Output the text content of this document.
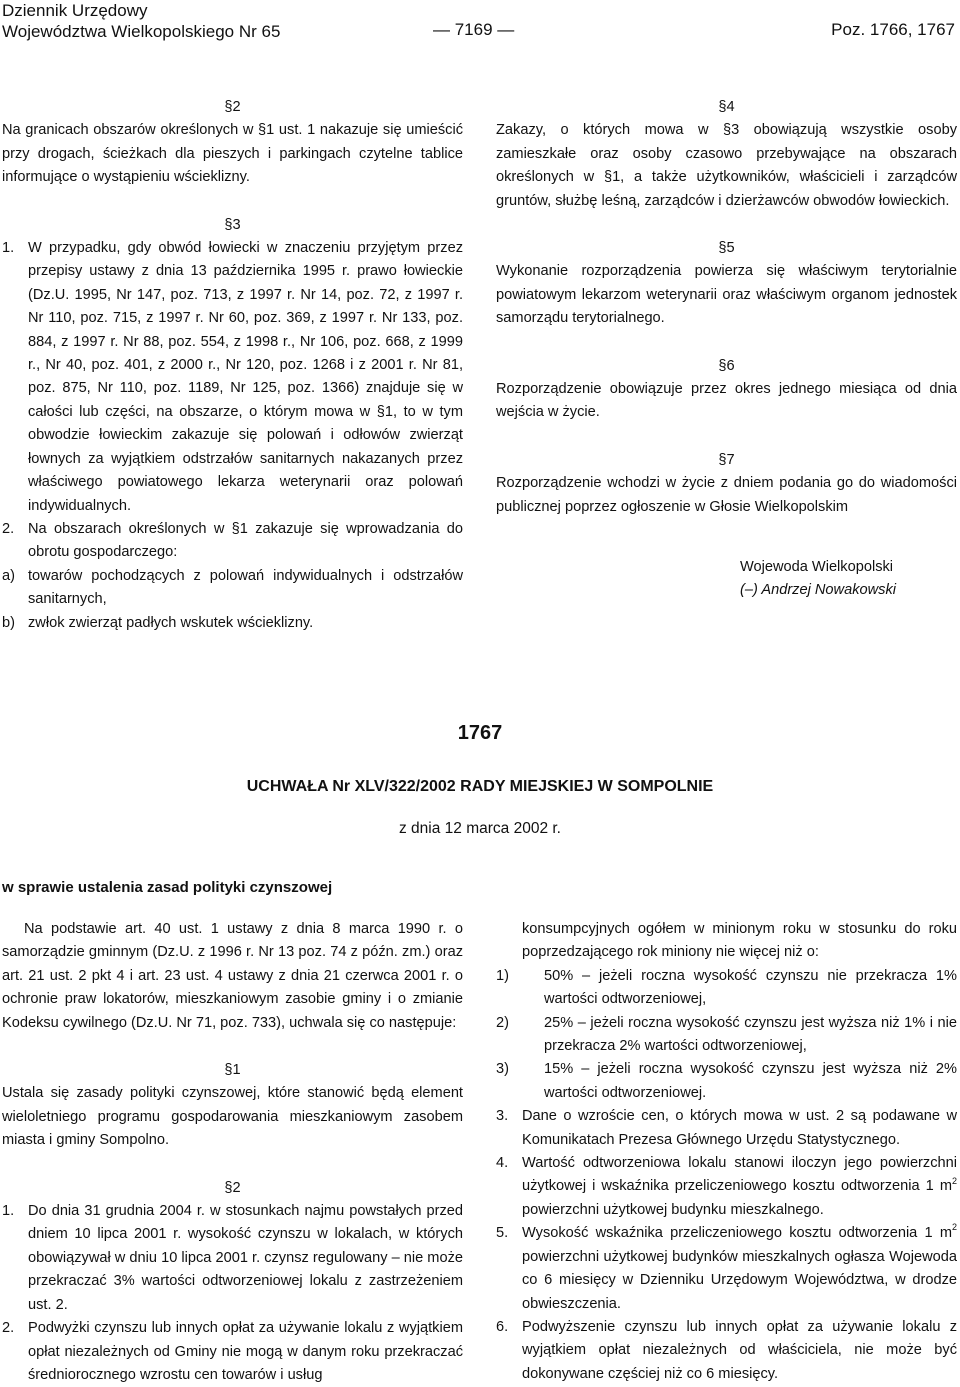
Dziennik Urzędowy
Województwa Wielkopolskiego Nr 65	— 7169 —	Poz. 1766, 1767
§2
Na granicach obszarów określonych w §1 ust. 1 nakazuje się umieścić przy drogach, ścieżkach dla pieszych i parkingach czytelne tablice informujące o wystąpieniu wścieklizny.
§3
1. W przypadku, gdy obwód łowiecki w znaczeniu przyjętym przez przepisy ustawy z dnia 13 października 1995 r. prawo łowieckie (Dz.U. 1995, Nr 147, poz. 713, z 1997 r. Nr 14, poz. 72, z 1997 r. Nr 110, poz. 715, z 1997 r. Nr 60, poz. 369, z 1997 r. Nr 133, poz. 884, z 1997 r. Nr 88, poz. 554, z 1998 r., Nr 106, poz. 668, z 1999 r., Nr 40, poz. 401, z 2000 r., Nr 120, poz. 1268 i z 2001 r. Nr 81, poz. 875, Nr 110, poz. 1189, Nr 125, poz. 1366) znajduje się w całości lub części, na obszarze, o którym mowa w §1, to w tym obwodzie łowieckim zakazuje się polowań i odłowów zwierząt łownych za wyjątkiem odstrzałów sanitarnych nakazanych przez właściwego powiatowego lekarza weterynarii oraz polowań indywidualnych.
2. Na obszarach określonych w §1 zakazuje się wprowadzania do obrotu gospodarczego:
a) towarów pochodzących z polowań indywidualnych i odstrzałów sanitarnych,
b) zwłok zwierząt padłych wskutek wścieklizny.
§4
Zakazy, o których mowa w §3 obowiązują wszystkie osoby zamieszkałe oraz osoby czasowo przebywające na obszarach określonych w §1, a także użytkowników, właścicieli i zarządców gruntów, służbę leśną, zarządców i dzierżawców obwodów łowieckich.
§5
Wykonanie rozporządzenia powierza się właściwym terytorialnie powiatowym lekarzom weterynarii oraz właściwym organom jednostek samorządu terytorialnego.
§6
Rozporządzenie obowiązuje przez okres jednego miesiąca od dnia wejścia w życie.
§7
Rozporządzenie wchodzi w życie z dniem podania go do wiadomości publicznej poprzez ogłoszenie w Głosie Wielkopolskim
Wojewoda Wielkopolski
(–) Andrzej Nowakowski
1767
UCHWAŁA Nr XLV/322/2002 RADY MIEJSKIEJ W SOMPOLNIE
z dnia 12 marca 2002 r.
w sprawie ustalenia zasad polityki czynszowej
Na podstawie art. 40 ust. 1 ustawy z dnia 8 marca 1990 r. o samorządzie gminnym (Dz.U. z 1996 r. Nr 13 poz. 74 z późn. zm.) oraz art. 21 ust. 2 pkt 4 i art. 23 ust. 4 ustawy z dnia 21 czerwca 2001 r. o ochronie praw lokatorów, mieszkaniowym zasobie gminy i o zmianie Kodeksu cywilnego (Dz.U. Nr 71, poz. 733), uchwala się co następuje:
§1
Ustala się zasady polityki czynszowej, które stanowić będą element wieloletniego programu gospodarowania mieszkaniowym zasobem miasta i gminy Sompolno.
§2
1. Do dnia 31 grudnia 2004 r. w stosunkach najmu powstałych przed dniem 10 lipca 2001 r. wysokość czynszu w lokalach, w których obowiązywał w dniu 10 lipca 2001 r. czynsz regulowany – nie może przekraczać 3% wartości odtworzeniowej lokalu z zastrzeżeniem ust. 2.
2. Podwyżki czynszu lub innych opłat za używanie lokalu z wyjątkiem opłat niezależnych od Gminy nie mogą w danym roku przekraczać średniorocznego wzrostu cen towarów i usług
konsumpcyjnych ogółem w minionym roku w stosunku do roku poprzedzającego rok miniony nie więcej niż o:
1)	50% – jeżeli roczna wysokość czynszu nie przekracza 1% wartości odtworzeniowej,
2)	25% – jeżeli roczna wysokość czynszu jest wyższa niż 1% i nie przekracza 2% wartości odtworzeniowej,
3)	15% – jeżeli roczna wysokość czynszu jest wyższa niż 2% wartości odtworzeniowej.
3. Dane o wzroście cen, o których mowa w ust. 2 są podawane w Komunikatach Prezesa Głównego Urzędu Statystycznego.
4. Wartość odtworzeniowa lokalu stanowi iloczyn jego powierzchni użytkowej i wskaźnika przeliczeniowego kosztu odtworzenia 1 $m^2$ powierzchni użytkowej budynku mieszkalnego.
5. Wysokość wskaźnika przeliczeniowego kosztu odtworzenia 1 $m^2$ powierzchni użytkowej budynków mieszkalnych ogłasza Wojewoda co 6 miesięcy w Dzienniku Urzędowym Województwa, w drodze obwieszczenia.
6. Podwyższenie czynszu lub innych opłat za używanie lokalu z wyjątkiem opłat niezależnych od właściciela, nie może być dokonywane częściej niż co 6 miesięcy.
